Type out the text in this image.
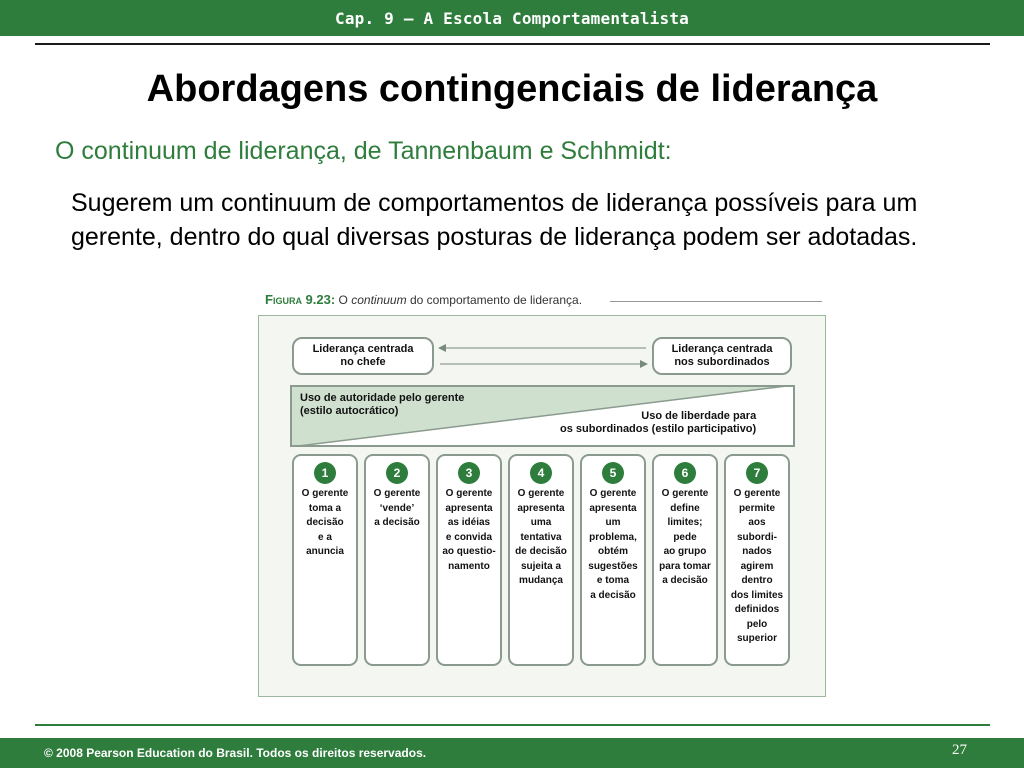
Cap. 9 – A Escola Comportamentalista
Abordagens contingenciais de liderança
O continuum de liderança, de Tannenbaum e Schhmidt:
Sugerem um continuum de comportamentos de liderança possíveis para um gerente, dentro do qual diversas posturas de liderança podem ser adotadas.
Figura 9.23: O continuum do comportamento de liderança.
Liderança centrada
no chefe
Liderança centrada
nos subordinados
Uso de autoridade pelo gerente
(estilo autocrático)	Uso de liberdade para
os subordinados (estilo participativo)
1
O gerente
toma a
decisão
e a
anuncia
2
O gerente
‘vende’
a decisão
3
O gerente
apresenta
as idéias
e convida
ao questio-
namento
4
O gerente
apresenta
uma
tentativa
de decisão
sujeita a
mudança
5
O gerente
apresenta
um
problema,
obtém
sugestões
e toma
a decisão
6
O gerente
define
limites;
pede
ao grupo
para tomar
a decisão
7
O gerente
permite
aos
subordi-
nados
agirem
dentro
dos limites
definidos
pelo
superior
© 2008 Pearson Education do Brasil. Todos os direitos reservados.	27
